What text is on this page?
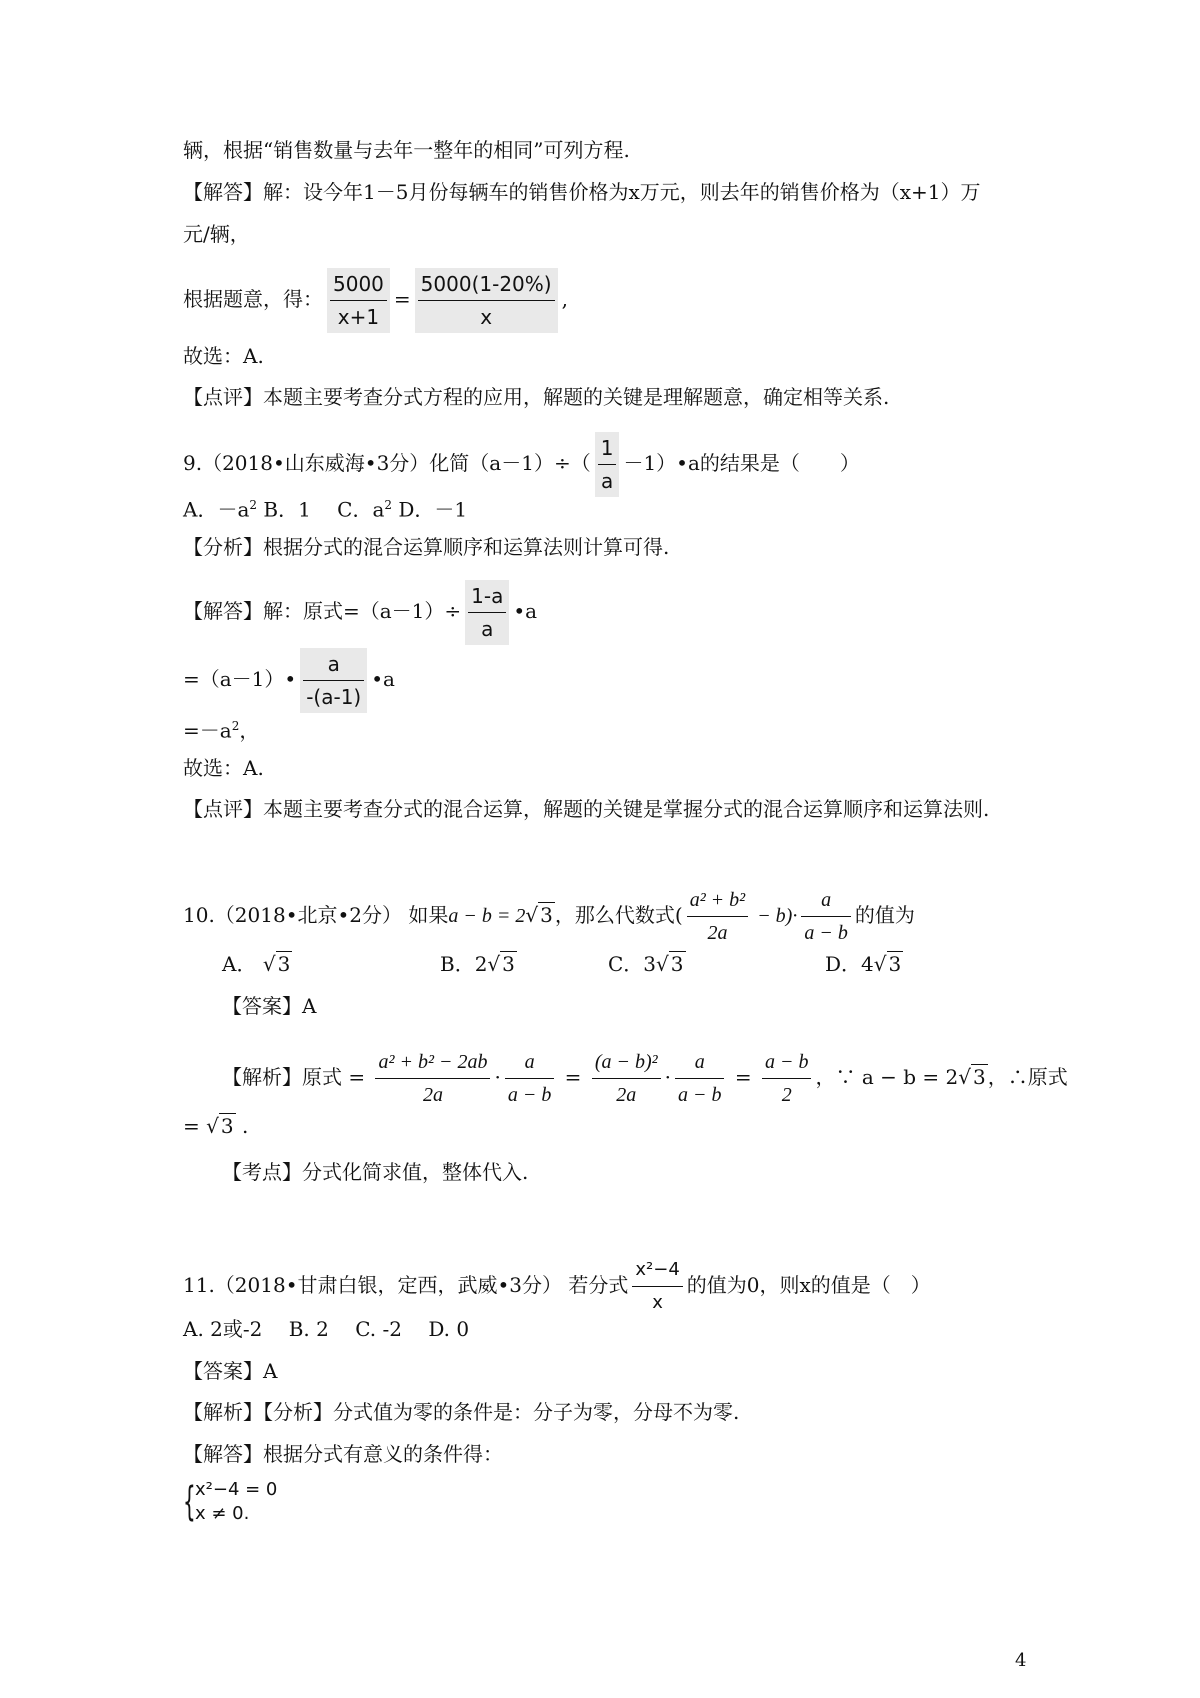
辆，根据“销售数量与去年一整年的相同”可列方程.
【解答】解：设今年1－5月份每辆车的销售价格为x万元，则去年的销售价格为（x+1）万
元/辆，
根据题意，得： $\frac{5000}{x+1} = \frac{5000(1-20\%)}{x}$ ,
故选：A.
【点评】本题主要考查分式方程的应用，解题的关键是理解题意，确定相等关系.
9.（2018•山东威海•3分）化简$(a-1)\div( \frac{1}{a}$ －1）•a的结果是（　　）
A．$-a^2$ B．1　 C．$a^2$ D．－1
【分析】根据分式的混合运算顺序和运算法则计算可得.
【解答】解：原式$=(a-1)\div \frac{1-a}{a}$ •a
=（a－1）• $\frac{a}{-(a-1)}$ •a
$=-a^2$，
故选：A.
【点评】本题主要考查分式的混合运算，解题的关键是掌握分式的混合运算顺序和运算法则.
10.（2018•北京•2分） 如果a − b = 2√ 3 ，那么代数式( $\frac{\text{a² + b²}}{2a} - b)\cdot \frac{a}{a - b}$ 的值为
A． √ 3	B．2√ 3	C．3√ 3	D．4√ 3
【答案】A
【解析】原式 = $\frac{\text{a² + b² − 2ab}}{2a} \cdot \frac{a}{a - b} = \frac{\text{(a − b)²}}{2a} \cdot \frac{a}{a - b} = \frac{a - b}{2}$ ，∵ a − b = 2√ 3 ，∴原式
= √ 3 .
【考点】分式化简求值，整体代入.
11.（2018•甘肃白银，定西，武威•3分） 若分式 $\frac{\text{x²−4}}{x}$ 的值为0，则x的值是（　）
A. 2或-2　 B. 2　 C. -2　 D. 0
【答案】A
【解析】【分析】分式值为零的条件是：分子为零，分母不为零.
【解答】根据分式有意义的条件得：
{ x²−4 = 0
x ≠ 0.
4
